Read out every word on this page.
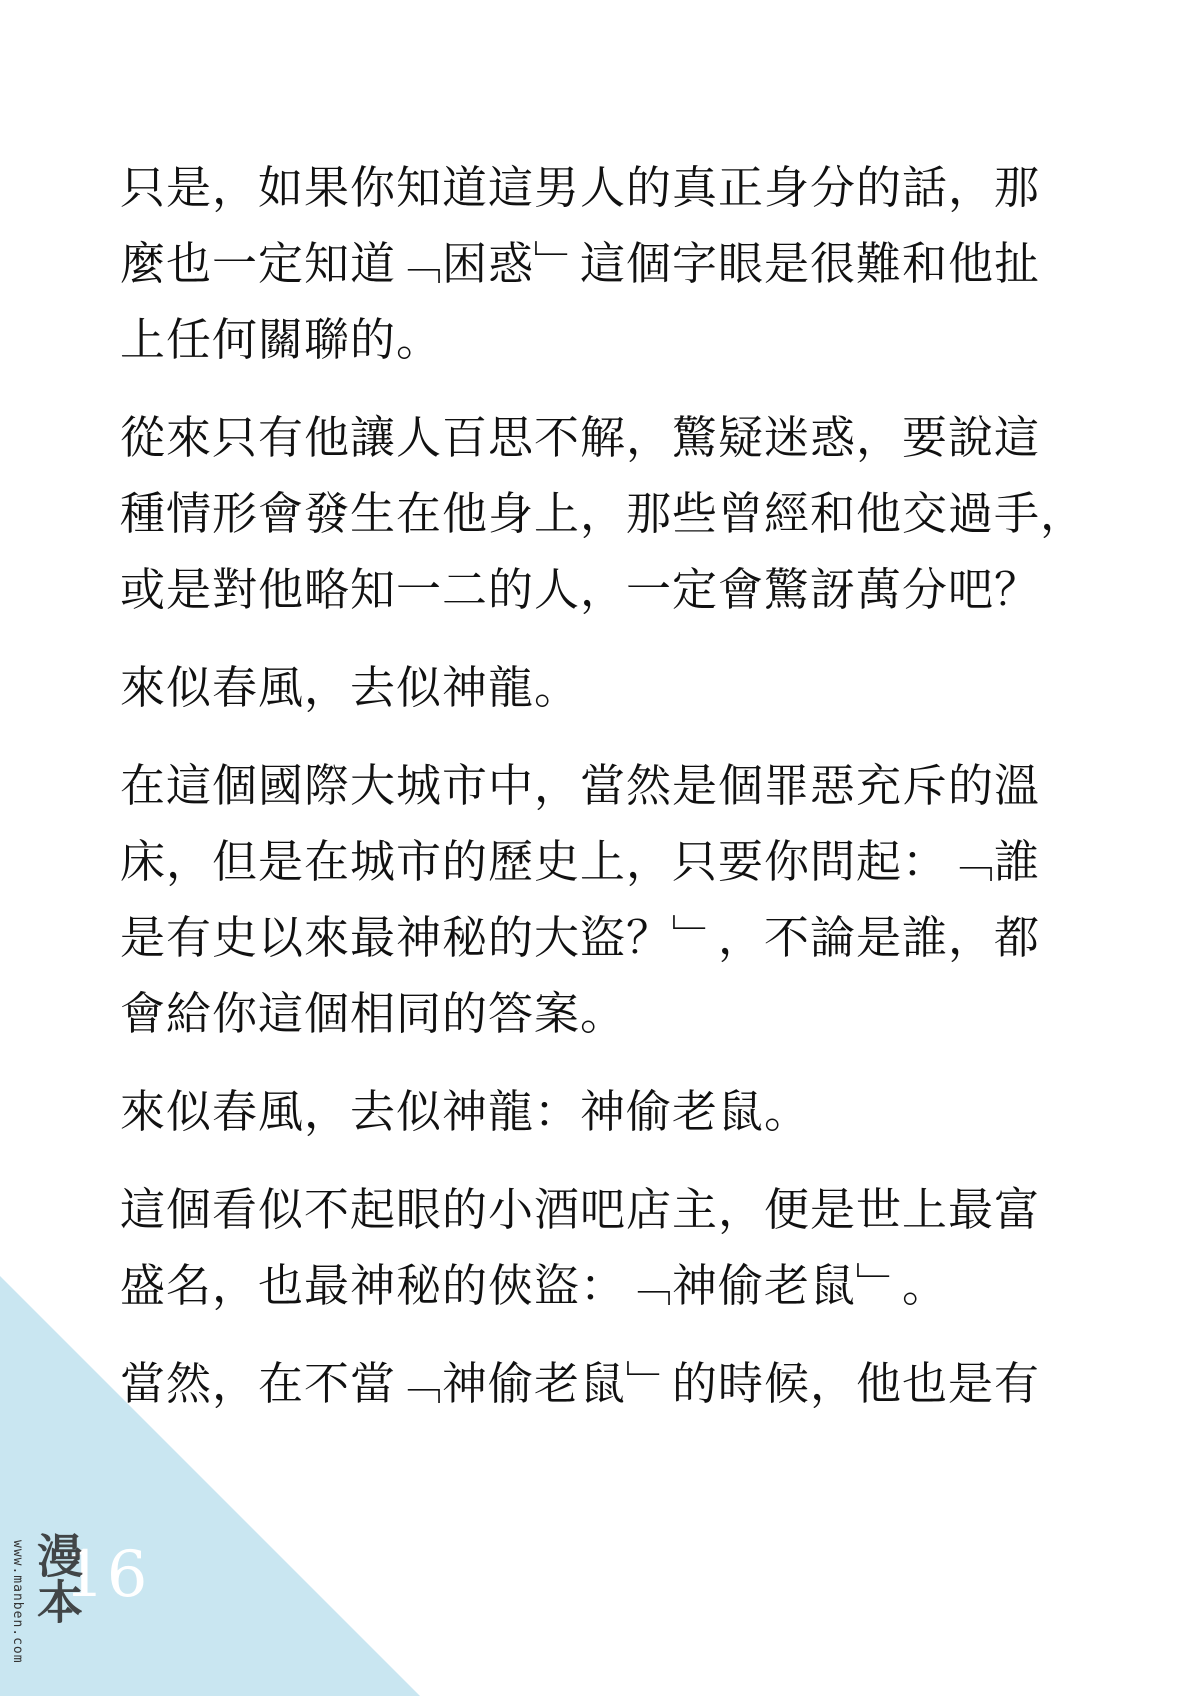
只是，如果你知道這男人的真正身分的話，那
麼也一定知道﹁困惑﹂這個字眼是很難和他扯
上任何關聯的。

從來只有他讓人百思不解，驚疑迷惑，要說這
種情形會發生在他身上，那些曾經和他交過手，
或是對他略知一二的人，一定會驚訝萬分吧？

來似春風，去似神龍。

在這個國際大城市中，當然是個罪惡充斥的溫
床，但是在城市的歷史上，只要你問起：﹁誰
是有史以來最神秘的大盜？﹂，不論是誰，都
會給你這個相同的答案。

來似春風，去似神龍：神偷老鼠。

這個看似不起眼的小酒吧店主，便是世上最富
盛名，也最神秘的俠盜：﹁神偷老鼠﹂。

當然，在不當﹁神偷老鼠﹂的時候，他也是有

16
www.manben.com 漫本
